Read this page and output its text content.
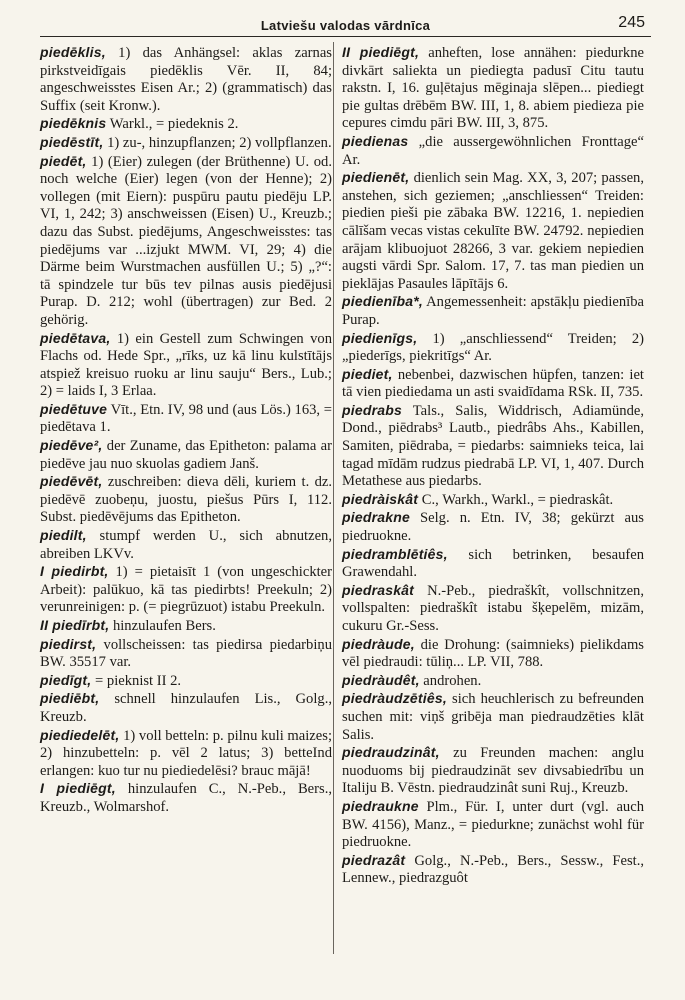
Latviešu valodas vārdnīca	245

piedēklis, 1) das Anhängsel: aklas zarnas pirkstveidīgais piedēklis Vēr. II, 84; angeschweisstes Eisen Ar.; 2) (grammatisch) das Suffix (seit Kronw.).

piedēknis Warkl., = piedeknis 2.

piedēstīt, 1) zu-, hinzupflanzen; 2) vollpflanzen.

piedēt, 1) (Eier) zulegen (der Brüthenne) U. od. noch welche (Eier) legen (von der Henne); 2) vollegen (mit Eiern): puspūru pautu piedēju LP. VI, 1, 242; 3) anschweissen (Eisen) U., Kreuzb.; dazu das Subst. piedējums, Angeschweisstes: tas piedējums var ...izjukt MWM. VI, 29; 4) die Därme beim Wurstmachen ausfüllen U.; 5) „?“: tā spindzele tur būs tev pilnas ausis piedējusi Purap. D. 212; wohl (übertragen) zur Bed. 2 gehörig.

piedētava, 1) ein Gestell zum Schwingen von Flachs od. Hede Spr., „rīks, uz kā linu kulstītājs atspiež kreisuo ruoku ar linu sauju“ Bers., Lub.; 2) = laids I, 3 Erlaa.

piedētuve Vīt., Etn. IV, 98 und (aus Lös.) 163, = piedētava 1.

piedēve², der Zuname, das Epitheton: palama ar piedēve jau nuo skuolas gadiem Janš.

piedēvēt, zuschreiben: dieva dēli, kuriem t. dz. piedēvē zuobeņu, juostu, piešus Pūrs I, 112. Subst. piedēvējums das Epitheton.

piedilt, stumpf werden U., sich abnutzen, abreiben LKVv.

I piedirbt, 1) = pietaisīt 1 (von ungeschickter Arbeit): palūkuo, kā tas piedirbts! Preekuln; 2) verunreinigen: p. (= piegrūzuot) istabu Preekuln.

II piedīrbt, hinzulaufen Bers.

piedirst, vollscheissen: tas piedirsa piedarbiņu BW. 35517 var.

piedīgt, = pieknist II 2.

piediēbt, schnell hinzulaufen Lis., Golg., Kreuzb.

piediedelēt, 1) voll betteln: p. pilnu kuli maizes; 2) hinzubetteln: p. vēl 2 latus; 3) betteInd erlangen: kuo tur nu piediedelēsi? brauc mājā!

I piediēgt, hinzulaufen C., N.-Peb., Bers., Kreuzb., Wolmarshof.

II piediēgt, anheften, lose annähen: piedurkne divkārt saliekta un piediegta padusī Citu tautu rakstn. I, 16. guļētajus mēginaja slēpen... piediegt pie gultas drēbēm BW. III, 1, 8. abiem piedieza pie cepures cimdu pāri BW. III, 3, 875.

piedienas „die aussergewöhnlichen Fronttage“ Ar.

piedienēt, dienlich sein Mag. XX, 3, 207; passen, anstehen, sich geziemen; „anschliessen“ Treiden: piedien pieši pie zābaka BW. 12216, 1. nepiedien cālīšam vecas vistas cekulīte BW. 24792. nepiedien arājam klibuojuot 28266, 3 var. gekiem nepiedien augsti vārdi Spr. Salom. 17, 7. tas man piedien un pieklājas Pasaules lāpītājs 6.

piedienība*, Angemessenheit: apstākļu piedienība Purap.

piedienīgs, 1) „anschliessend“ Treiden; 2) „piederīgs, piekritīgs“ Ar.

piediet, nebenbei, dazwischen hüpfen, tanzen: iet tā vien piediedama un asti svaidīdama RSk. II, 735.

piedrabs Tals., Salis, Widdrisch, Adiamünde, Dond., piēdrabs³ Lautb., piedrâbs Ahs., Kabillen, Samiten, piēdraba, = piedarbs: saimnieks teica, lai tagad mīdām rudzus piedrabā LP. VI, 1, 407. Durch Metathese aus piedarbs.

piedràiskât C., Warkh., Warkl., = piedraskât.

piedrakne Selg. n. Etn. IV, 38; gekürzt aus piedruokne.

piedramblētiês, sich betrinken, besaufen Grawendahl.

piedraskât N.-Peb., piedraškît, vollschnitzen, vollspalten: piedraškît istabu šķepelēm, mizām, cukuru Gr.-Sess.

piedràude, die Drohung: (saimnieks) pielikdams vēl piedraudi: tūliņ... LP. VII, 788.

piedràudêt, androhen.

piedràudzētiês, sich heuchlerisch zu befreunden suchen mit: viņš gribēja man piedraudzēties klāt Salis.

piedraudzinât, zu Freunden machen: anglu nuoduoms bij piedraudzināt sev divsabiedrību un Italiju B. Vēstn. piedraudzinât suni Ruj., Kreuzb.

piedraukne Plm., Für. I, unter durt (vgl. auch BW. 4156), Manz., = piedurkne; zunächst wohl für piedruokne.

piedrazât Golg., N.-Peb., Bers., Sessw., Fest., Lennew., piedrazguôt
